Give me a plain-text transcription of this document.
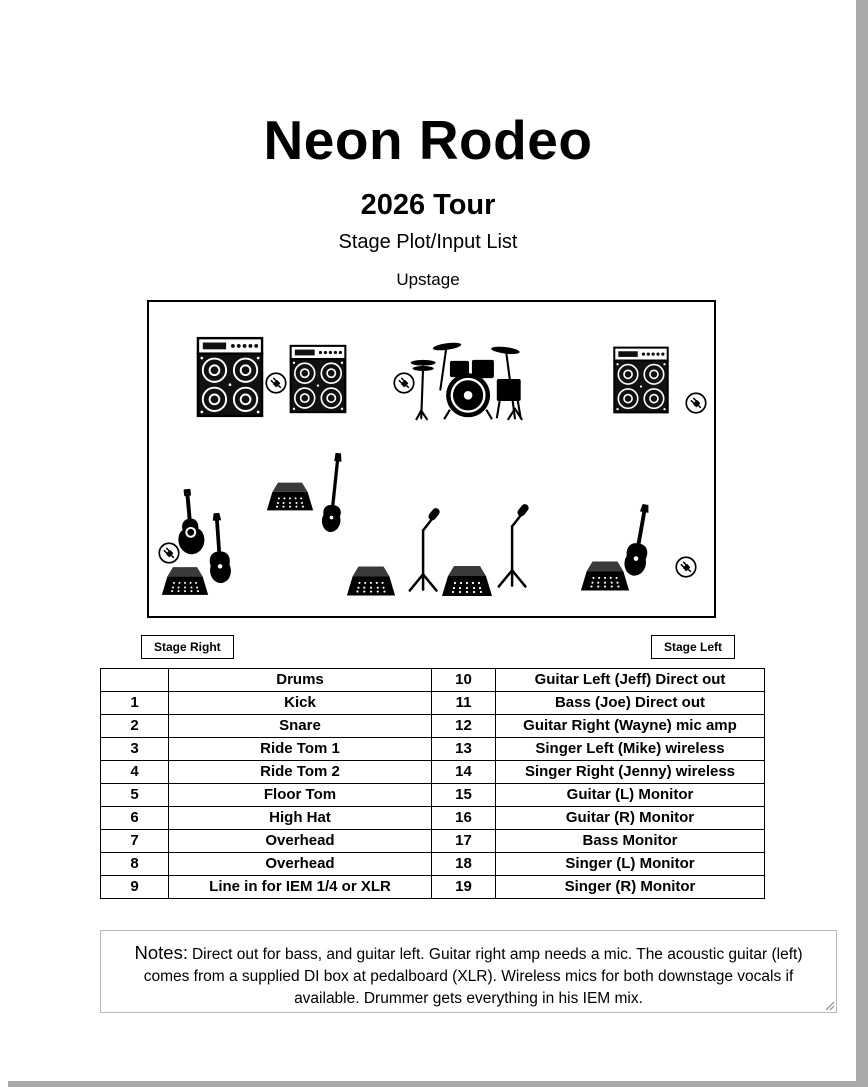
Neon Rodeo
2026 Tour
Stage Plot/Input List
Upstage
Stage Right	Stage Left
	Drums	10	Guitar Left (Jeff) Direct out
1	Kick	11	Bass (Joe) Direct out
2	Snare	12	Guitar Right (Wayne) mic amp
3	Ride Tom 1	13	Singer Left (Mike) wireless
4	Ride Tom 2	14	Singer Right (Jenny) wireless
5	Floor Tom	15	Guitar (L) Monitor
6	High Hat	16	Guitar (R) Monitor
7	Overhead	17	Bass Monitor
8	Overhead	18	Singer (L) Monitor
9	Line in for IEM 1/4 or XLR	19	Singer (R) Monitor
Notes: Direct out for bass, and guitar left. Guitar right amp needs a mic. The acoustic guitar (left) comes from a supplied DI box at pedalboard (XLR). Wireless mics for both downstage vocals if available. Drummer gets everything in his IEM mix.
